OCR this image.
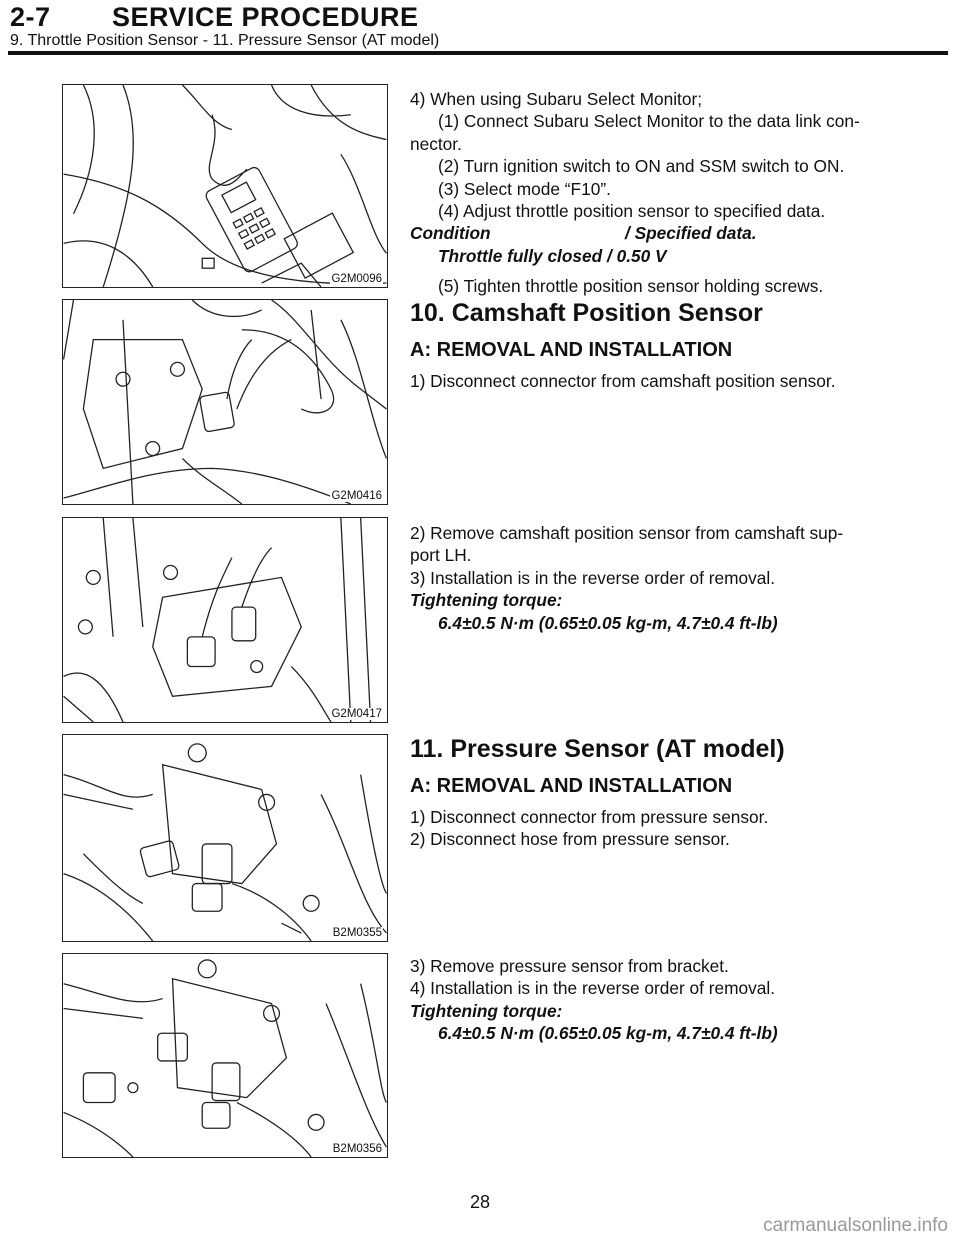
2-7 SERVICE PROCEDURE
9. Throttle Position Sensor - 11. Pressure Sensor (AT model)
G2M0096
G2M0416
G2M0417
B2M0355
B2M0356

4) When using Subaru Select Monitor;

(1) Connect Subaru Select Monitor to the data link con-

nector.

(2) Turn ignition switch to ON and SSM switch to ON.

(3) Select mode “F10”.

(4) Adjust throttle position sensor to specified data.

Condition	/ Specified data.

Throttle fully closed / 0.50 V

(5) Tighten throttle position sensor holding screws.

10. Camshaft Position Sensor

A: REMOVAL AND INSTALLATION

1) Disconnect connector from camshaft position sensor.

2) Remove camshaft position sensor from camshaft sup-

port LH.

3) Installation is in the reverse order of removal.

Tightening torque:

6.4±0.5 N·m (0.65±0.05 kg-m, 4.7±0.4 ft-lb)

11. Pressure Sensor (AT model)

A: REMOVAL AND INSTALLATION

1) Disconnect connector from pressure sensor.

2) Disconnect hose from pressure sensor.

3) Remove pressure sensor from bracket.

4) Installation is in the reverse order of removal.

Tightening torque:

6.4±0.5 N·m (0.65±0.05 kg-m, 4.7±0.4 ft-lb)

28
carmanualsonline.info
